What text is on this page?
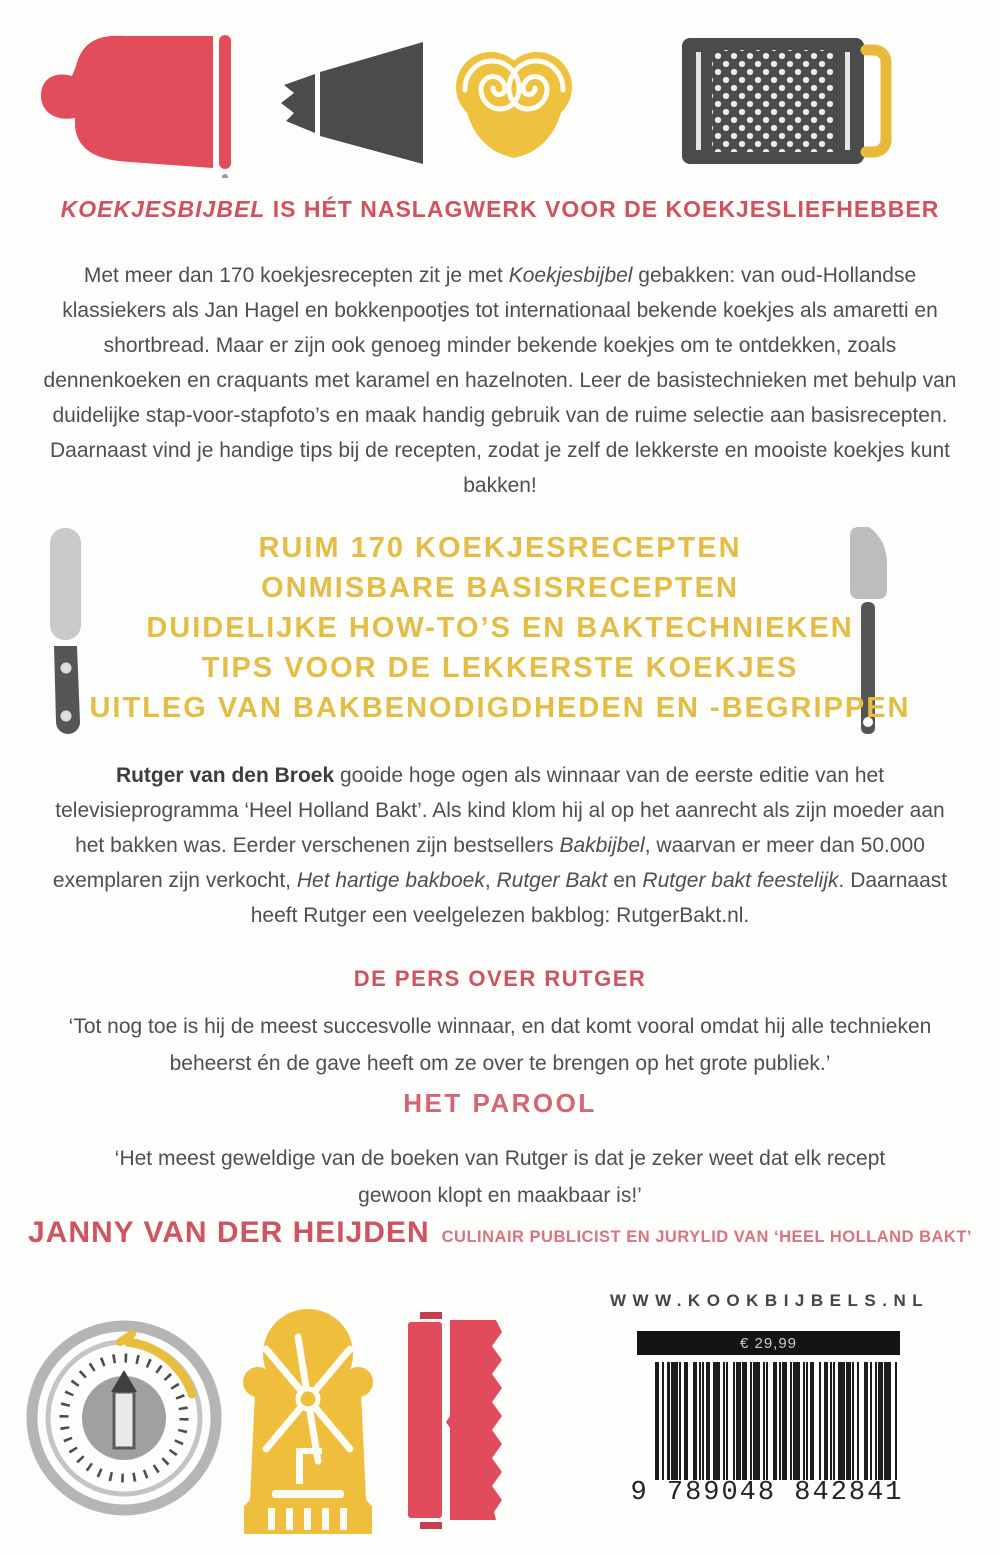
KOEKJESBIJBEL IS HÉT NASLAGWERK VOOR DE KOEKJESLIEFHEBBER
Met meer dan 170 koekjesrecepten zit je met Koekjesbijbel gebakken: van oud-Hollandse klassiekers als Jan Hagel en bokkenpootjes tot internationaal bekende koekjes als amaretti en shortbread. Maar er zijn ook genoeg minder bekende koekjes om te ontdekken, zoals dennenkoeken en craquants met karamel en hazelnoten. Leer de basistechnieken met behulp van duidelijke stap-voor-stapfoto’s en maak handig gebruik van de ruime selectie aan basisrecepten. Daarnaast vind je handige tips bij de recepten, zodat je zelf de lekkerste en mooiste koekjes kunt bakken!
RUIM 170 KOEKJESRECEPTEN
ONMISBARE BASISRECEPTEN
DUIDELIJKE HOW-TO’S EN BAKTECHNIEKEN
TIPS VOOR DE LEKKERSTE KOEKJES
UITLEG VAN BAKBENODIGDHEDEN EN -BEGRIPPEN
Rutger van den Broek gooide hoge ogen als winnaar van de eerste editie van het televisieprogramma ‘Heel Holland Bakt’. Als kind klom hij al op het aanrecht als zijn moeder aan het bakken was. Eerder verschenen zijn bestsellers Bakbijbel, waarvan er meer dan 50.000 exemplaren zijn verkocht, Het hartige bakboek, Rutger Bakt en Rutger bakt feestelijk. Daarnaast heeft Rutger een veelgelezen bakblog: RutgerBakt.nl.
DE PERS OVER RUTGER
‘Tot nog toe is hij de meest succesvolle winnaar, en dat komt vooral omdat hij alle technieken beheerst én de gave heeft om ze over te brengen op het grote publiek.’
HET PAROOL
‘Het meest geweldige van de boeken van Rutger is dat je zeker weet dat elk recept gewoon klopt en maakbaar is!’
JANNY VAN DER HEIJDEN CULINAIR PUBLICIST EN JURYLID VAN ‘HEEL HOLLAND BAKT’
WWW.KOOKBIJBELS.NL
€ 29,99
9 789048 842841
